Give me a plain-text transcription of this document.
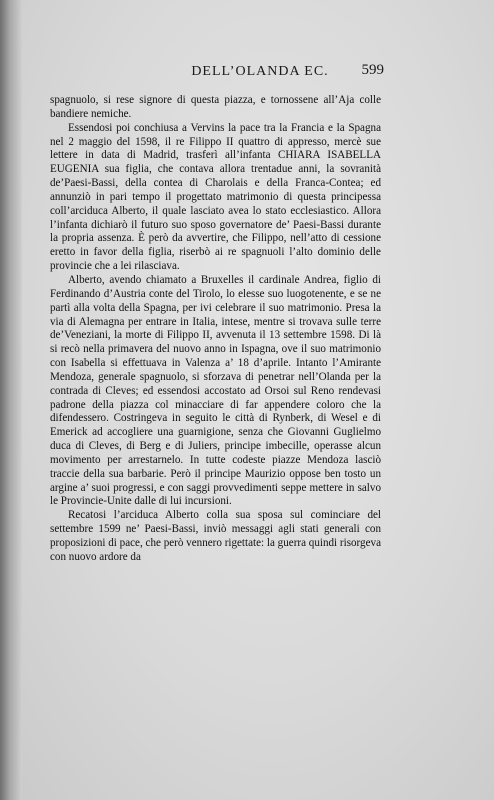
DELL’OLANDA EC.	599

spagnuolo, si rese signore di questa piazza, e tornossene all’Aja colle bandiere nemiche.

Essendosi poi conchiusa a Vervins la pace tra la Francia e la Spagna nel 2 maggio del 1598, il re Filippo II quattro di appresso, mercè sue lettere in data di Madrid, trasferì all’infanta CHIARA ISABELLA EUGENIA sua figlia, che contava allora trentadue anni, la sovranità de’Paesi-Bassi, della contea di Charolais e della Franca-Contea; ed annunziò in pari tempo il progettato matrimonio di questa principessa coll’arciduca Alberto, il quale lasciato avea lo stato ecclesiastico. Allora l’infanta dichiarò il futuro suo sposo governatore de’ Paesi-Bassi durante la propria assenza. È però da avvertire, che Filippo, nell’atto di cessione eretto in favor della figlia, riserbò ai re spagnuoli l’alto dominio delle provincie che a lei rilasciava.

Alberto, avendo chiamato a Bruxelles il cardinale Andrea, figlio di Ferdinando d’Austria conte del Tirolo, lo elesse suo luogotenente, e se ne partì alla volta della Spagna, per ivi celebrare il suo matrimonio. Presa la via di Alemagna per entrare in Italia, intese, mentre si trovava sulle terre de’Veneziani, la morte di Filippo II, avvenuta il 13 settembre 1598. Di là si recò nella primavera del nuovo anno in Ispagna, ove il suo matrimonio con Isabella si effettuava in Valenza a’ 18 d’aprile. Intanto l’Amirante Mendoza, generale spagnuolo, si sforzava di penetrar nell’Olanda per la contrada di Cleves; ed essendosi accostato ad Orsoi sul Reno rendevasi padrone della piazza col minacciare di far appendere coloro che la difendessero. Costringeva in seguito le città di Rynberk, di Wesel e di Emerick ad accogliere una guarnigione, senza che Giovanni Guglielmo duca di Cleves, di Berg e di Juliers, principe imbecille, operasse alcun movimento per arrestarnelo. In tutte codeste piazze Mendoza lasciò traccie della sua barbarie. Però il principe Maurizio oppose ben tosto un argine a’ suoi progressi, e con saggi provvedimenti seppe mettere in salvo le Provincie-Unite dalle di lui incursioni.

Recatosi l’arciduca Alberto colla sua sposa sul cominciare del settembre 1599 ne’ Paesi-Bassi, inviò messaggi agli stati generali con proposizioni di pace, che però vennero rigettate: la guerra quindi risorgeva con nuovo ardore da
